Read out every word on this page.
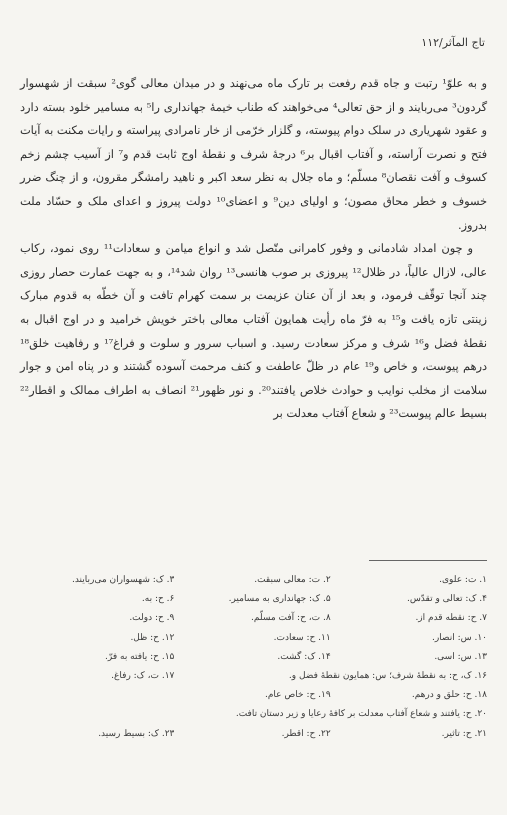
تاج المآثر/۱۱۲

و به علوّ¹ رتبت و جاه قدم رفعت بر تارک ماه می‌نهند و در میدان معالی گوی² سبقت از شهسوار گردون³ می‌ربایند و از حق تعالی⁴ می‌خواهند که طناب خیمهٔ جهانداری را⁵ به مسامیر خلود بسته دارد و عقود شهریاری در سلک دوام پیوسته، و گلزار خرّمی از خار نامرادی پیراسته و رایات مکنت به آیات فتح و نصرت آراسته، و آفتاب اقبال بر⁶ درجهٔ شرف و نقطهٔ اوج ثابت قدم و⁷ از آسیب چشم زخم کسوف و آفت نقصان⁸ مسلّم؛ و ماه جلال به نظر سعد اکبر و ناهید رامشگر مقرون، و از چنگ ضرر خسوف و خطر محاق مصون؛ و اولیای دین⁹ و اعضای¹⁰ دولت پیروز و اعدای ملک و حسّاد ملت بدروز.

و چون امداد شادمانی و وفور کامرانی متّصل شد و انواع میامن و سعادات¹¹ روی نمود، رکاب عالی، لازال عالیاً، در ظلال¹² پیروزی بر صوب هانسی¹³ روان شد¹⁴، و به جهت عمارت حصار روزی چند آنجا توقّف فرمود، و بعد از آن عنان عزیمت بر سمت کهرام تافت و آن خطّه به قدوم مبارک زینتی تازه یافت و¹⁵ به فرّ ماه رأیت همایون آفتاب معالی باختر خویش خرامید و در اوج اقبال به نقطهٔ فضل و¹⁶ شرف و مرکز سعادت رسید. و اسباب سرور و سلوت و فراغ¹⁷ و رفاهیت خلق¹⁸ درهم پیوست، و خاص و¹⁹ عام در ظلّ عاطفت و کنف مرحمت آسوده گشتند و در پناه امن و جوار سلامت از مخلب نوایب و حوادث خلاص یافتند²⁰. و نور ظهور²¹ انصاف به اطراف ممالک و اقطار²² بسیط عالم پیوست²³ و شعاع آفتاب معدلت بر

۱. ت: علوی.
۲. ت: معالی سبقت.
۳. ک: شهسواران می‌ربایند.
۴. ک: تعالی و تقدّس.
۵. ک: جهانداری به مسامیر.
۶. ح: به.
۷. ح: نقطه قدم از.
۸. ت، ح: آفت مسلّم.
۹. ح: دولت.
۱۰. س: انصار.
۱۱. ح: سعادت.
۱۲. ح: ظل.
۱۳. س: اسی.
۱۴. ک: گشت.
۱۵. ح: یافته به فرّ.
۱۶. ک، ح: به نقطهٔ شرف؛ س: همایون نقطهٔ فضل و.
۱۷. ت، ک: رفاغ.
۱۸. ح: حلق و درهم.
۱۹. ح: خاص عام.
۲۰. ح: یافتند و شعاع آفتاب معدلت بر کافهٔ رعایا و زیر دستان تافت.
۲۱. ح: تاثیر.
۲۲. ح: اقطر.
۲۳. ک: بسیط رسید.
